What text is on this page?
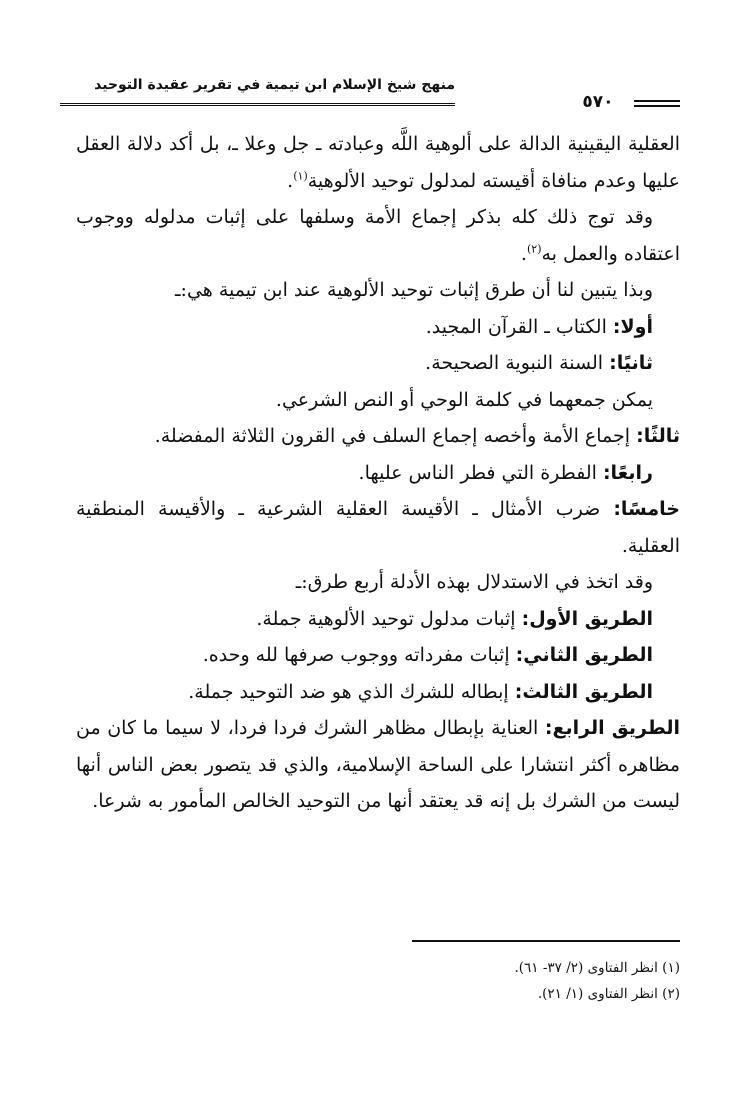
منهج شيخ الإسلام ابن تيمية في تقرير عقيدة التوحيد
٥٧٠

العقلية اليقينية الدالة على ألوهية اللَّه وعبادته ـ جل وعلا ـ، بل أكد دلالة العقل عليها وعدم منافاة أقيسته لمدلول توحيد الألوهية$^{(١)}$.

وقد توج ذلك كله بذكر إجماع الأمة وسلفها على إثبات مدلوله ووجوب اعتقاده والعمل به$^{(٢)}$.

وبذا يتبين لنا أن طرق إثبات توحيد الألوهية عند ابن تيمية هي:ـ

أولا: الكتاب ـ القرآن المجيد.

ثانيًا: السنة النبوية الصحيحة.

يمكن جمعهما في كلمة الوحي أو النص الشرعي.

ثالثًا: إجماع الأمة وأخصه إجماع السلف في القرون الثلاثة المفضلة.

رابعًا: الفطرة التي فطر الناس عليها.

خامسًا: ضرب الأمثال ـ الأقيسة العقلية الشرعية ـ والأقيسة المنطقية العقلية.

وقد اتخذ في الاستدلال بهذه الأدلة أربع طرق:ـ

الطريق الأول: إثبات مدلول توحيد الألوهية جملة.

الطريق الثاني: إثبات مفرداته ووجوب صرفها لله وحده.

الطريق الثالث: إبطاله للشرك الذي هو ضد التوحيد جملة.

الطريق الرابع: العناية بإبطال مظاهر الشرك فردا فردا، لا سيما ما كان من مظاهره أكثر انتشارا على الساحة الإسلامية، والذي قد يتصور بعض الناس أنها ليست من الشرك بل إنه قد يعتقد أنها من التوحيد الخالص المأمور به شرعا.

(١) انظر الفتاوى (٢/ ٣٧- ٦١).

(٢) انظر الفتاوى (١/ ٢١).
